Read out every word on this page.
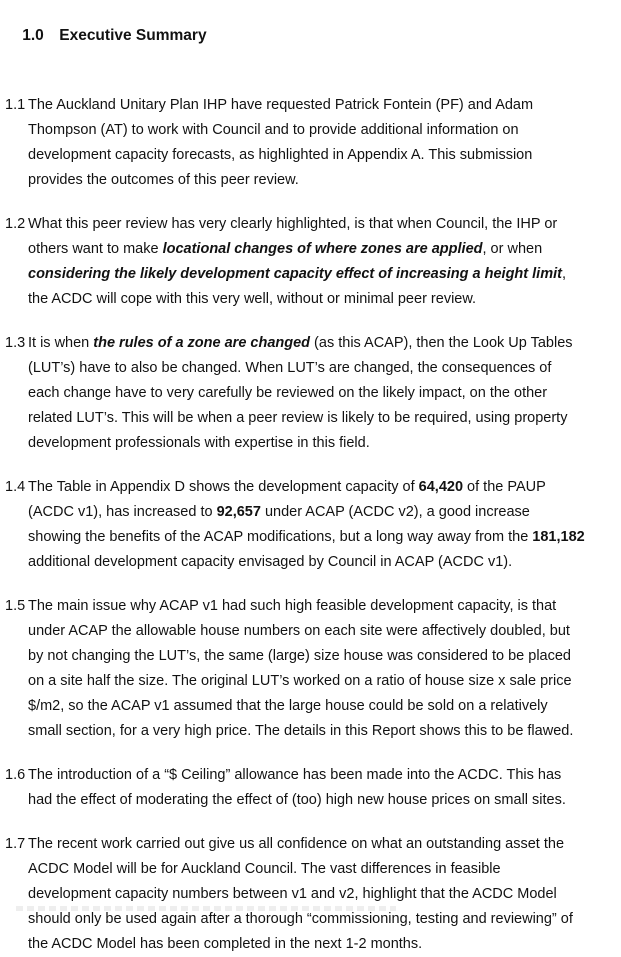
1.0 Executive Summary

1.1 The Auckland Unitary Plan IHP have requested Patrick Fontein (PF) and Adam
Thompson (AT) to work with Council and to provide additional information on
development capacity forecasts, as highlighted in Appendix A. This submission
provides the outcomes of this peer review.
1.2 What this peer review has very clearly highlighted, is that when Council, the IHP or
others want to make locational changes of where zones are applied, or when
considering the likely development capacity effect of increasing a height limit,
the ACDC will cope with this very well, without or minimal peer review.
1.3 It is when the rules of a zone are changed (as this ACAP), then the Look Up Tables
(LUT’s) have to also be changed. When LUT’s are changed, the consequences of
each change have to very carefully be reviewed on the likely impact, on the other
related LUT’s. This will be when a peer review is likely to be required, using property
development professionals with expertise in this field.
1.4 The Table in Appendix D shows the development capacity of 64,420 of the PAUP
(ACDC v1), has increased to 92,657 under ACAP (ACDC v2), a good increase
showing the benefits of the ACAP modifications, but a long way away from the 181,182
additional development capacity envisaged by Council in ACAP (ACDC v1).
1.5 The main issue why ACAP v1 had such high feasible development capacity, is that
under ACAP the allowable house numbers on each site were affectively doubled, but
by not changing the LUT’s, the same (large) size house was considered to be placed
on a site half the size. The original LUT’s worked on a ratio of house size x sale price
$/m2, so the ACAP v1 assumed that the large house could be sold on a relatively
small section, for a very high price. The details in this Report shows this to be flawed.
1.6 The introduction of a “$ Ceiling” allowance has been made into the ACDC. This has
had the effect of moderating the effect of (too) high new house prices on small sites.
1.7 The recent work carried out give us all confidence on what an outstanding asset the
ACDC Model will be for Auckland Council. The vast differences in feasible
development capacity numbers between v1 and v2, highlight that the ACDC Model
should only be used again after a thorough “commissioning, testing and reviewing” of
the ACDC Model has been completed in the next 1-2 months.
